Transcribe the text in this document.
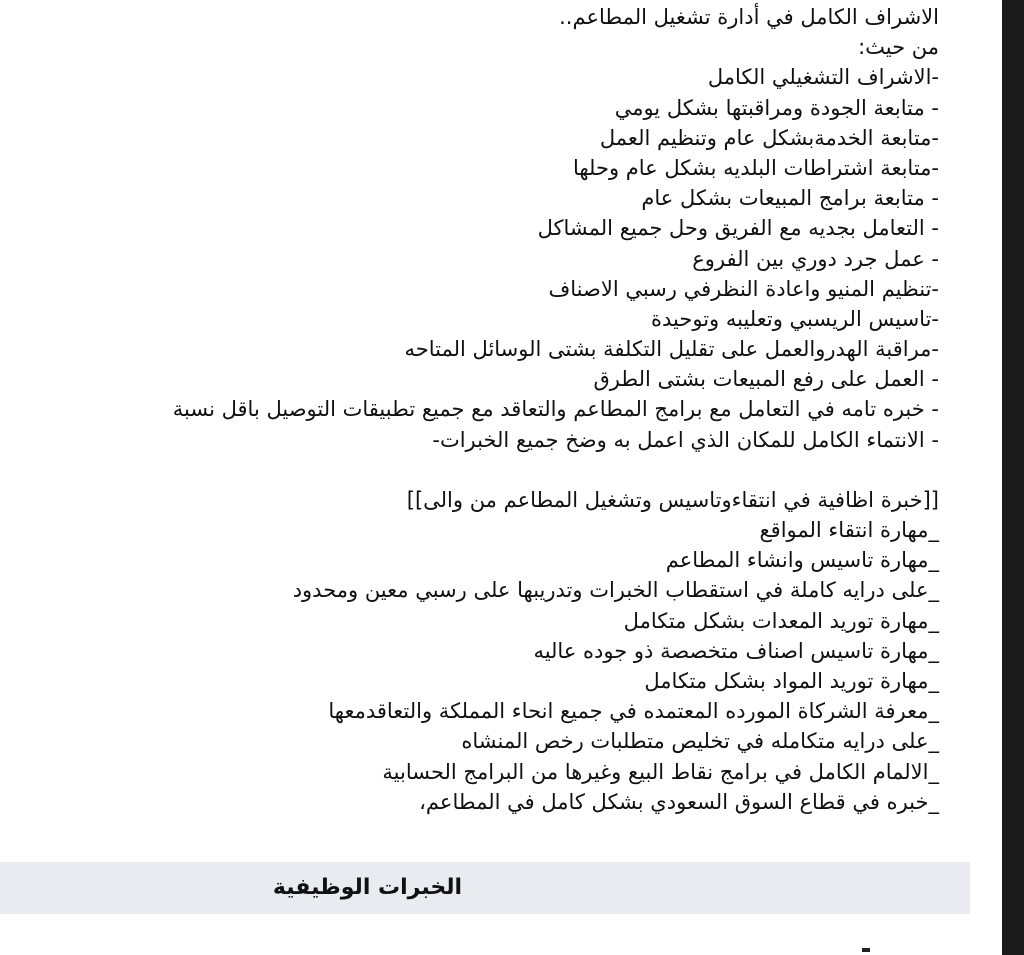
الاشراف الكامل في أدارة تشغيل المطاعم..
من حيث:
-الاشراف التشغيلي الكامل
- متابعة الجودة ومراقبتها بشكل يومي
-متابعة الخدمةبشكل عام وتنظيم العمل
-متابعة اشتراطات البلديه بشكل عام وحلها
- متابعة برامج المبيعات بشكل عام
- التعامل بجديه مع الفريق وحل جميع المشاكل
- عمل جرد دوري بين الفروع
-تنظيم المنيو واعادة النظرفي رسبي الاصناف
-تاسيس الريسبي وتعليبه وتوحيدة
-مراقبة الهدروالعمل على تقليل التكلفة بشتى الوسائل المتاحه
- العمل على رفع المبيعات بشتى الطرق
- خبره تامه في التعامل مع برامج المطاعم والتعاقد مع جميع تطبيقات التوصيل باقل نسبة
- الانتماء الكامل للمكان الذي اعمل به وضخ جميع الخبرات-
[[خبرة اظافية في انتقاءوتاسيس وتشغيل المطاعم من والى]]
_مهارة انتقاء المواقع
_مهارة تاسيس وانشاء المطاعم
_على درايه كاملة في استقطاب الخبرات وتدريبها على رسبي معين ومحدود
_مهارة توريد المعدات بشكل متكامل
_مهارة تاسيس اصناف متخصصة ذو جوده عاليه
_مهارة توريد المواد بشكل متكامل
_معرفة الشركاة المورده المعتمده في جميع انحاء المملكة والتعاقدمعها
_على درايه متكامله في تخليص متطلبات رخص المنشاه
_الالمام الكامل في برامج نقاط البيع وغيرها من البرامج الحسابية
_خبره في قطاع السوق السعودي بشكل كامل في المطاعم،
الخبرات الوظيفية
